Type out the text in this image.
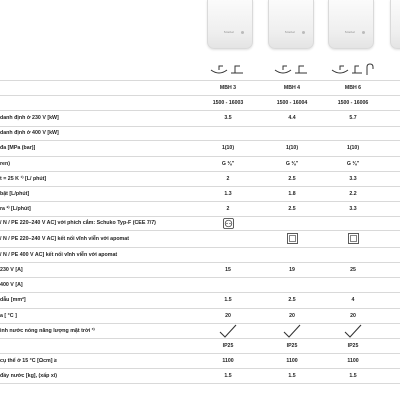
Stiebel	Stiebel	Stiebel
MBH 3	MBH 4	MBH 6
1500 - 16003	1500 - 16004	1500 - 16006
danh định ở 230 V [kW]	3.5	4.4	5.7
danh định ở 400 V [kW]
đa [MPa (bar)]	1(10)	1(10)	1(10)
ren)	G ⅜"	G ⅜"	G ⅜"
t = 25 K ¹⁾ [L/ phút]	2	2.5	3.3
bật [L/phút]	1.3	1.8	2.2
ra ²⁾ [L/phút]	2	2.5	3.3
/ N / PE 220–240 V AC] với phích cắm: Schuko Typ-F (CEE 7/7)
/ N / PE 220–240 V AC] kết nối vĩnh viễn với apomat
/ N / PE 400 V AC] kết nối vĩnh viễn với apomat
230 V [A]	15	19	25
400 V [A]
dẫu [mm²]	1.5	2.5	4
a [ °C ]	20	20	20
ình nước nóng năng lượng mặt trời ³⁾
IP25	IP25	IP25
cụ thể ở 15 °C [Ωcm] ≥	1100	1100	1100
đầy nước [kg], (xấp xỉ)	1.5	1.5	1.5
